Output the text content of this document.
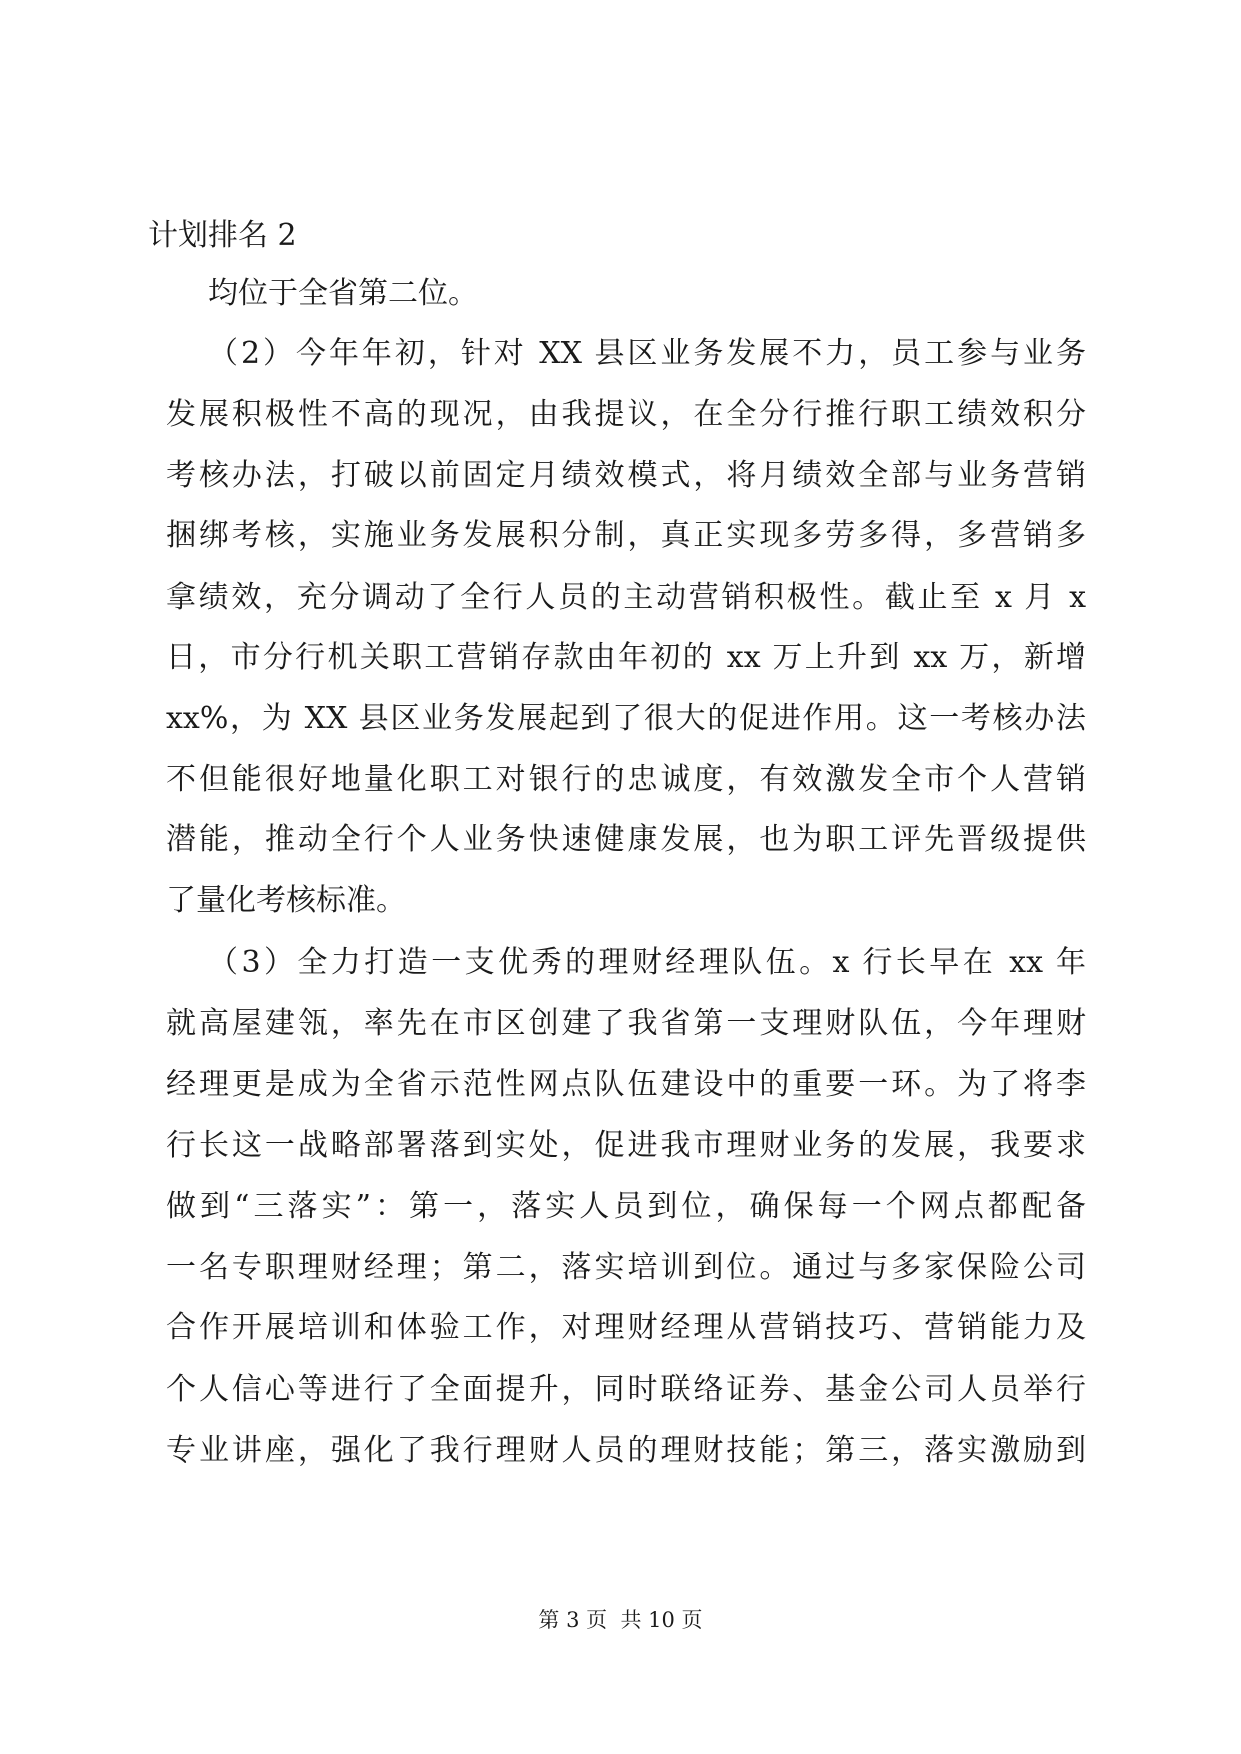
计划排名 2
均位于全省第二位。
（2）今年年初，针对 XX 县区业务发展不力，员工参与业务
发展积极性不高的现况，由我提议，在全分行推行职工绩效积分
考核办法，打破以前固定月绩效模式，将月绩效全部与业务营销
捆绑考核，实施业务发展积分制，真正实现多劳多得，多营销多
拿绩效，充分调动了全行人员的主动营销积极性。截止至 x 月 x
日，市分行机关职工营销存款由年初的 xx 万上升到 xx 万，新增
xx%，为 XX 县区业务发展起到了很大的促进作用。这一考核办法
不但能很好地量化职工对银行的忠诚度，有效激发全市个人营销
潜能，推动全行个人业务快速健康发展，也为职工评先晋级提供
了量化考核标准。
（3）全力打造一支优秀的理财经理队伍。x 行长早在 xx 年
就高屋建瓴，率先在市区创建了我省第一支理财队伍，今年理财
经理更是成为全省示范性网点队伍建设中的重要一环。为了将李
行长这一战略部署落到实处，促进我市理财业务的发展，我要求
做到“三落实”：第一，落实人员到位，确保每一个网点都配备
一名专职理财经理；第二，落实培训到位。通过与多家保险公司
合作开展培训和体验工作，对理财经理从营销技巧、营销能力及
个人信心等进行了全面提升，同时联络证券、基金公司人员举行
专业讲座，强化了我行理财人员的理财技能；第三，落实激励到
第 3 页  共 10 页
